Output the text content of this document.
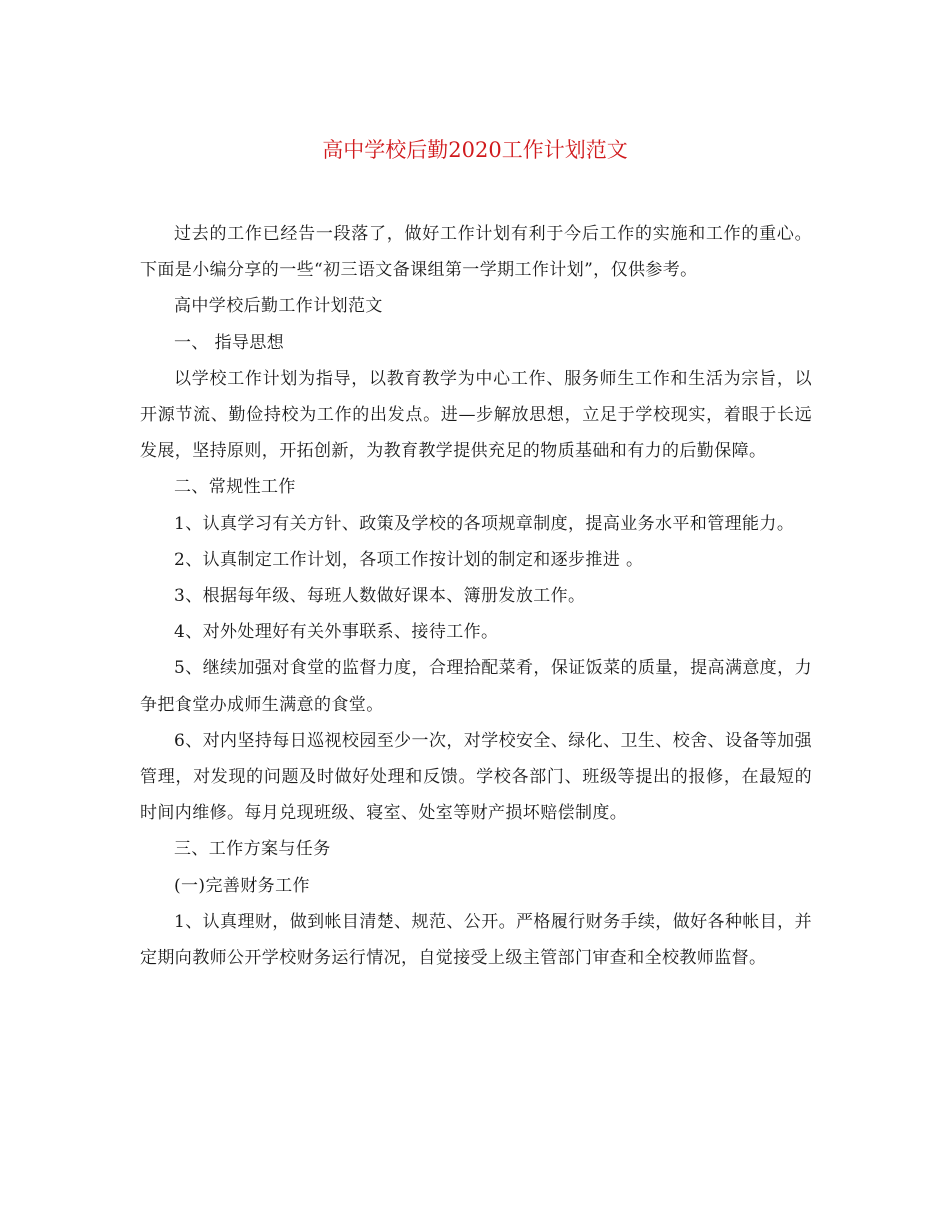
高中学校后勤2020工作计划范文

过去的工作已经告一段落了，做好工作计划有利于今后工作的实施和工作的重心。下面是小编分享的一些“初三语文备课组第一学期工作计划”，仅供参考。

高中学校后勤工作计划范文

一、 指导思想

以学校工作计划为指导，以教育教学为中心工作、服务师生工作和生活为宗旨，以开源节流、勤俭持校为工作的出发点。进—步解放思想，立足于学校现实，着眼于长远发展，坚持原则，开拓创新，为教育教学提供充足的物质基础和有力的后勤保障。

二、常规性工作

1、认真学习有关方针、政策及学校的各项规章制度，提高业务水平和管理能力。

2、认真制定工作计划，各项工作按计划的制定和逐步推进 。

3、根据每年级、每班人数做好课本、簿册发放工作。

4、对外处理好有关外事联系、接待工作。

5、继续加强对食堂的监督力度，合理拾配菜肴，保证饭菜的质量，提高满意度，力争把食堂办成师生满意的食堂。

6、对内坚持每日巡视校园至少一次，对学校安全、绿化、卫生、校舍、设备等加强管理，对发现的问题及时做好处理和反馈。学校各部门、班级等提出的报修，在最短的时间内维修。每月兑现班级、寝室、处室等财产损坏赔偿制度。

三、工作方案与任务

(一)完善财务工作

1、认真理财，做到帐目清楚、规范、公开。严格履行财务手续，做好各种帐目，并定期向教师公开学校财务运行情况，自觉接受上级主管部门审查和全校教师监督。
